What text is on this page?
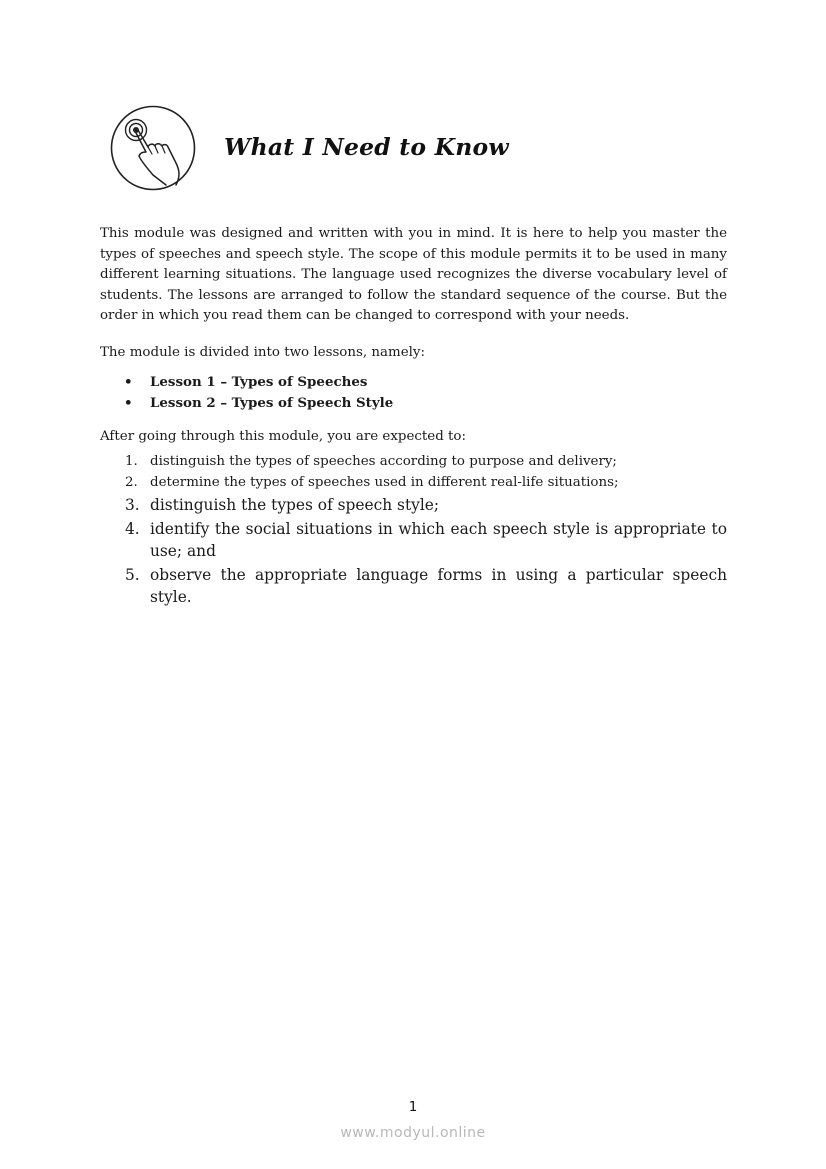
What I Need to Know

This module was designed and written with you in mind. It is here to help you master the types of speeches and speech style. The scope of this module permits it to be used in many different learning situations. The language used recognizes the diverse vocabulary level of students. The lessons are arranged to follow the standard sequence of the course. But the order in which you read them can be changed to correspond with your needs.

The module is divided into two lessons, namely:

• Lesson 1 – Types of Speeches
• Lesson 2 – Types of Speech Style

After going through this module, you are expected to:

1. distinguish the types of speeches according to purpose and delivery;
2. determine the types of speeches used in different real-life situations;
3. distinguish the types of speech style;
4. identify the social situations in which each speech style is appropriate to use; and
5. observe the appropriate language forms in using a particular speech style.
1
www.modyul.online
